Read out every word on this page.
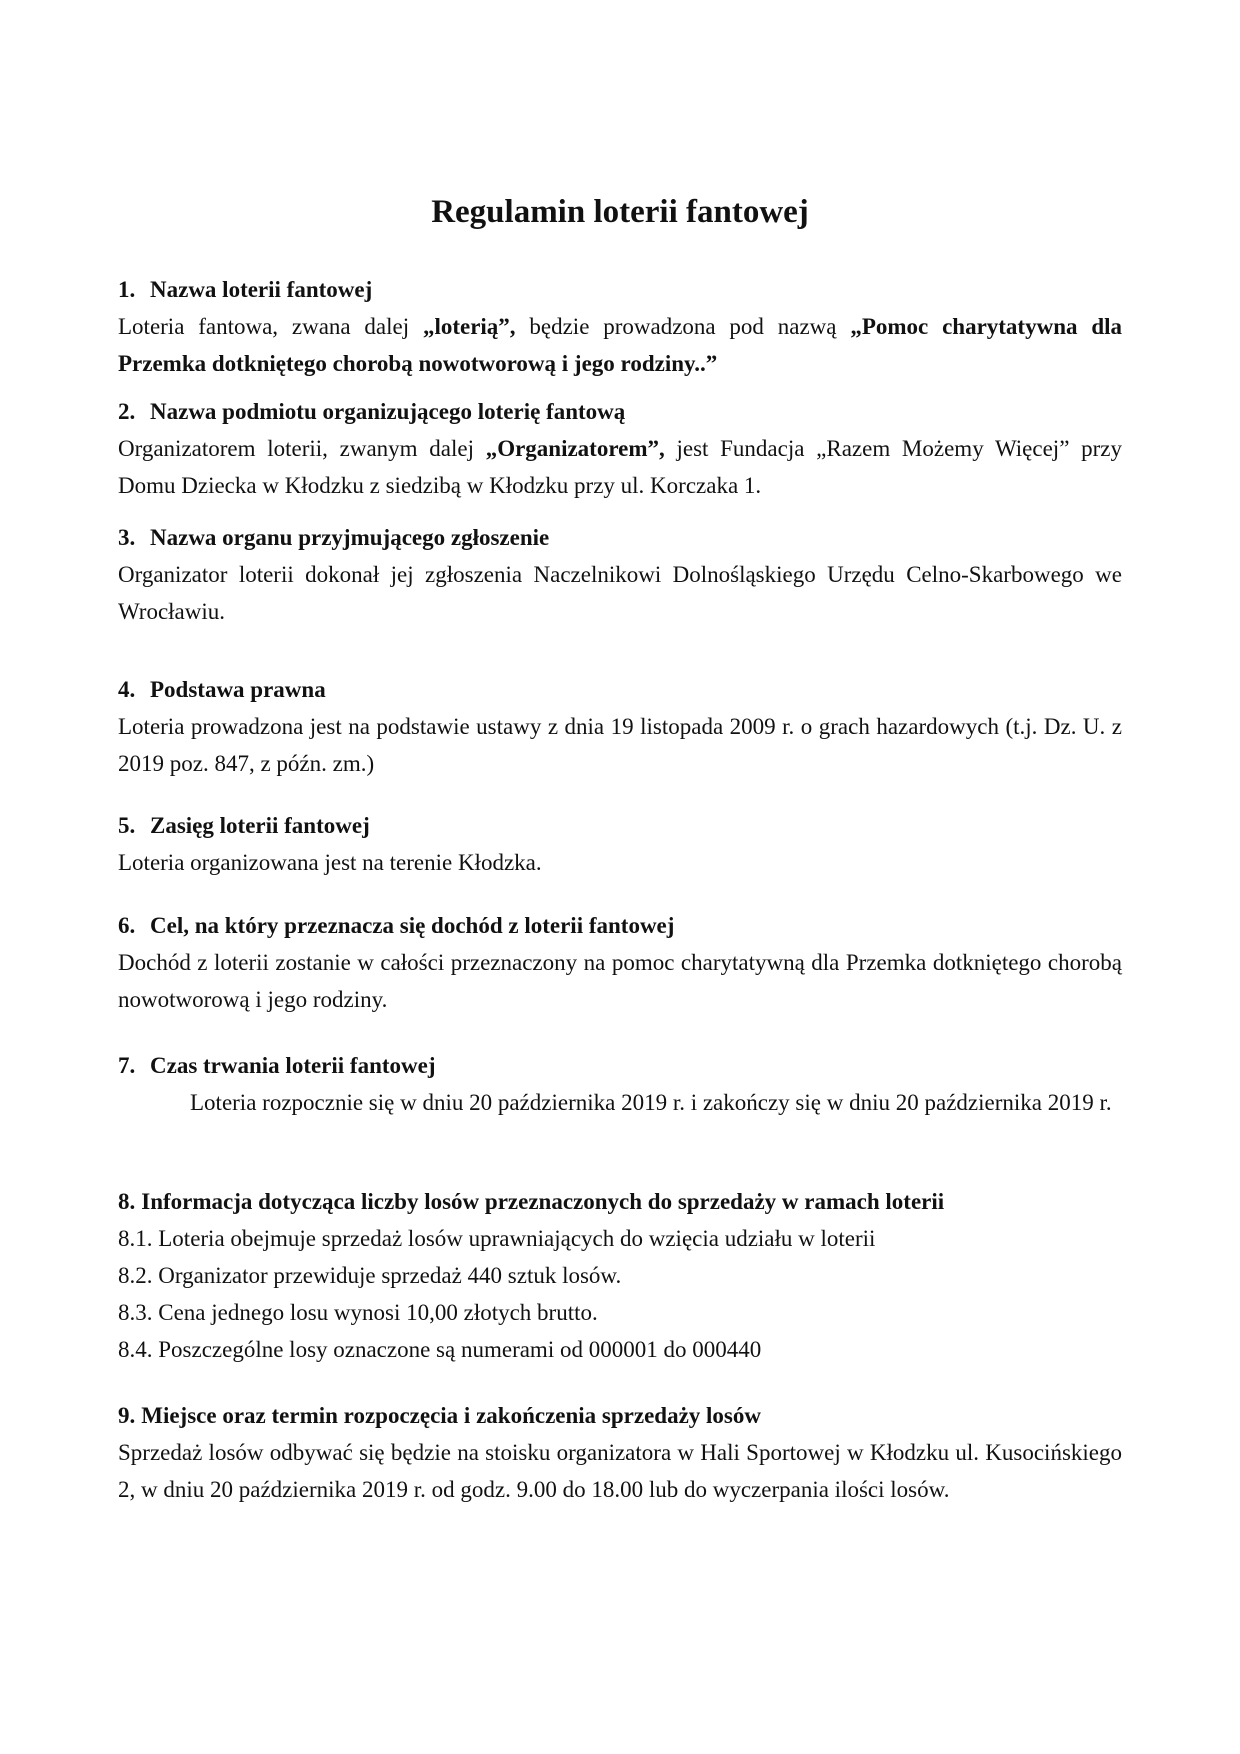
Regulamin loterii fantowej
1. Nazwa loterii fantowej
Loteria fantowa, zwana dalej „loterią”, będzie prowadzona pod nazwą „Pomoc charytatywna dla Przemka dotkniętego chorobą nowotworową i jego rodziny..”
2. Nazwa podmiotu organizującego loterię fantową
Organizatorem loterii, zwanym dalej „Organizatorem”, jest Fundacja „Razem Możemy Więcej” przy Domu Dziecka w Kłodzku z siedzibą w Kłodzku przy ul. Korczaka 1.
3. Nazwa organu przyjmującego zgłoszenie
Organizator loterii dokonał jej zgłoszenia Naczelnikowi Dolnośląskiego Urzędu Celno-Skarbowego we Wrocławiu.
4. Podstawa prawna
Loteria prowadzona jest na podstawie ustawy z dnia 19 listopada 2009 r. o grach hazardowych (t.j. Dz. U. z 2019 poz. 847, z późn. zm.)
5. Zasięg loterii fantowej
Loteria organizowana jest na terenie Kłodzka.
6. Cel, na który przeznacza się dochód z loterii fantowej
Dochód z loterii zostanie w całości przeznaczony na pomoc charytatywną dla Przemka dotkniętego chorobą nowotworową i jego rodziny.
7. Czas trwania loterii fantowej
Loteria rozpocznie się w dniu 20 października 2019 r. i zakończy się w dniu 20 października 2019 r.
8. Informacja dotycząca liczby losów przeznaczonych do sprzedaży w ramach loterii
8.1. Loteria obejmuje sprzedaż losów uprawniających do wzięcia udziału w loterii
8.2. Organizator przewiduje sprzedaż 440 sztuk losów.
8.3. Cena jednego losu wynosi 10,00 złotych brutto.
8.4. Poszczególne losy oznaczone są numerami od 000001 do 000440
9. Miejsce oraz termin rozpoczęcia i zakończenia sprzedaży losów
Sprzedaż losów odbywać się będzie na stoisku organizatora w Hali Sportowej w Kłodzku ul. Kusocińskiego 2, w dniu 20 października 2019 r. od godz. 9.00 do 18.00 lub do wyczerpania ilości losów.
